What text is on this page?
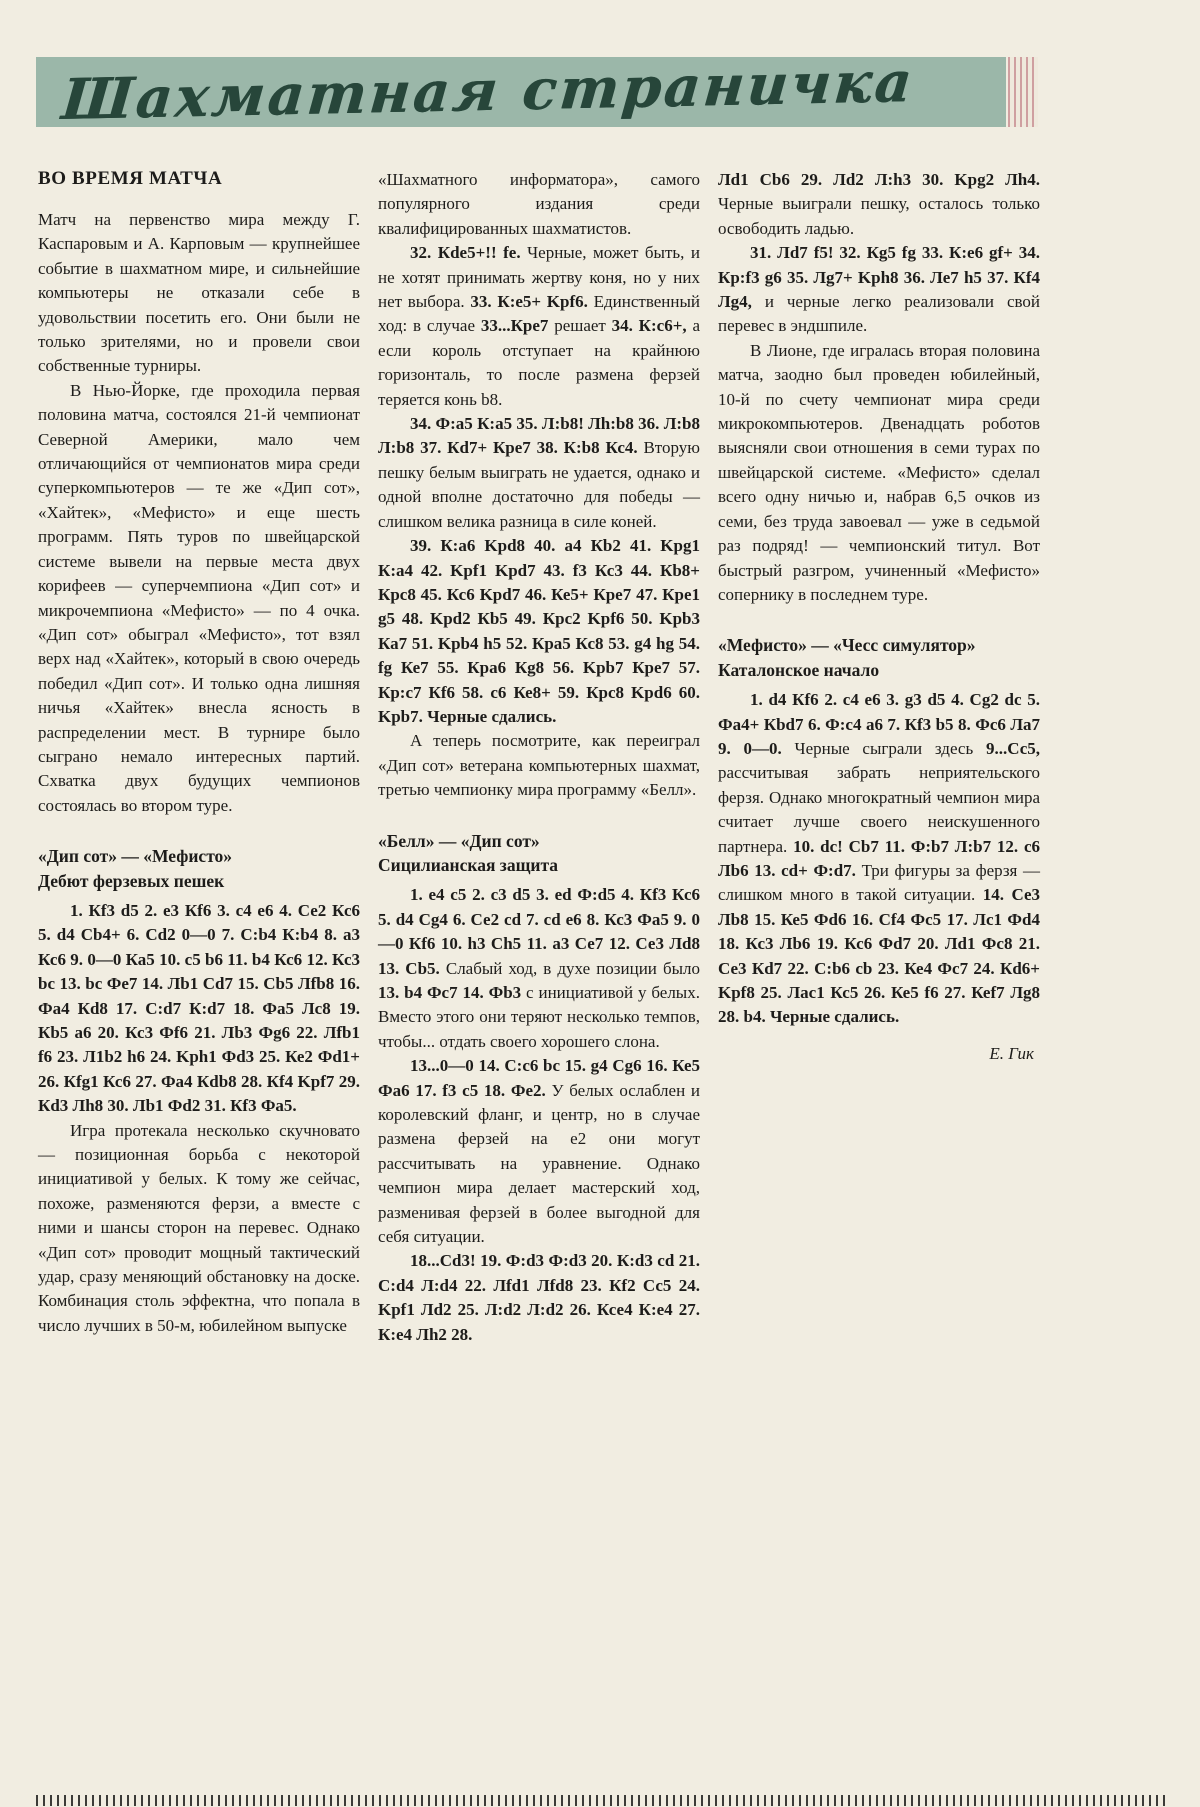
Шахматная страничка
ВО ВРЕМЯ МАТЧА

Матч на первенство мира между Г. Каспаровым и А. Карповым — крупнейшее событие в шахматном мире, и сильнейшие компьютеры не отказали себе в удовольствии посетить его. Они были не только зрителями, но и провели свои собственные турниры.

В Нью-Йорке, где проходила первая половина матча, состоялся 21-й чемпионат Северной Америки, мало чем отличающийся от чемпионатов мира среди суперкомпьютеров — те же «Дип сот», «Хайтек», «Мефисто» и еще шесть программ. Пять туров по швейцарской системе вывели на первые места двух корифеев — суперчемпиона «Дип сот» и микрочемпиона «Мефисто» — по 4 очка. «Дип сот» обыграл «Мефисто», тот взял верх над «Хайтек», который в свою очередь победил «Дип сот». И только одна лишняя ничья «Хайтек» внесла ясность в распределении мест. В турнире было сыграно немало интересных партий. Схватка двух будущих чемпионов состоялась во втором туре.

«Дип сот» — «Мефисто»
Дебют ферзевых пешек

1. Кf3 d5 2. е3 Кf6 3. с4 е6 4. Се2 Кс6 5. d4 Сb4+ 6. Сd2 0—0 7. С:b4 К:b4 8. а3 Кс6 9. 0—0 Ка5 10. с5 b6 11. b4 Кс6 12. Кс3 bc 13. bc Фе7 14. Лb1 Сd7 15. Сb5 Лfb8 16. Фа4 Кd8 17. С:d7 К:d7 18. Фа5 Лс8 19. Кb5 а6 20. Кс3 Фf6 21. Лb3 Фg6 22. Лfb1 f6 23. Л1b2 h6 24. Kph1 Фd3 25. Ке2 Фd1+ 26. Кfg1 Кс6 27. Фа4 Кdb8 28. Кf4 Kpf7 29. Кd3 Лh8 30. Лb1 Фd2 31. Кf3 Фа5.

Игра протекала несколько скучновато — позиционная борьба с некоторой инициативой у белых. К тому же сейчас, похоже, разменяются ферзи, а вместе с ними и шансы сторон на перевес. Однако «Дип сот» проводит мощный тактический удар, сразу меняющий обстановку на доске. Комбинация столь эффектна, что попала в число лучших в 50-м, юбилейном выпуске

«Шахматного информатора», самого популярного издания среди квалифицированных шахматистов.

32. Кde5+!! fe. Черные, может быть, и не хотят принимать жертву коня, но у них нет выбора. 33. К:е5+ Kpf6. Единственный ход: в случае 33...Кре7 решает 34. К:с6+, а если король отступает на крайнюю горизонталь, то после размена ферзей теряется конь b8.

34. Ф:а5 К:а5 35. Л:b8! Лh:b8 36. Л:b8 Л:b8 37. Кd7+ Кре7 38. К:b8 Кс4. Вторую пешку белым выиграть не удается, однако и одной вполне достаточно для победы — слишком велика разница в силе коней.

39. К:а6 Kpd8 40. а4 Кb2 41. Kpg1 К:а4 42. Kpf1 Kpd7 43. f3 Кс3 44. Кb8+ Крс8 45. Кс6 Kpd7 46. Ке5+ Кре7 47. Кре1 g5 48. Kpd2 Кb5 49. Крс2 Kpf6 50. Kpb3 Ка7 51. Kpb4 h5 52. Кра5 Кс8 53. g4 hg 54. fg Ке7 55. Кра6 Кg8 56. Kpb7 Кре7 57. Кр:с7 Кf6 58. с6 Ке8+ 59. Крс8 Kpd6 60. Kpb7. Черные сдались.

А теперь посмотрите, как переиграл «Дип сот» ветерана компьютерных шахмат, третью чемпионку мира программу «Белл».

«Белл» — «Дип сот»
Сицилианская защита

1. е4 с5 2. с3 d5 3. ed Ф:d5 4. Кf3 Кс6 5. d4 Сg4 6. Се2 cd 7. cd е6 8. Кс3 Фа5 9. 0—0 Кf6 10. h3 Сh5 11. а3 Се7 12. Се3 Лd8 13. Сb5. Слабый ход, в духе позиции было 13. b4 Фс7 14. Фb3 с инициативой у белых. Вместо этого они теряют несколько темпов, чтобы... отдать своего хорошего слона.

13...0—0 14. С:с6 bc 15. g4 Сg6 16. Ке5 Фа6 17. f3 с5 18. Фе2. У белых ослаблен и королевский фланг, и центр, но в случае размена ферзей на е2 они могут рассчитывать на уравнение. Однако чемпион мира делает мастерский ход, разменивая ферзей в более выгодной для себя ситуации.

18...Сd3! 19. Ф:d3 Ф:d3 20. К:d3 cd 21. С:d4 Л:d4 22. Лfd1 Лfd8 23. Кf2 Сс5 24. Kpf1 Лd2 25. Л:d2 Л:d2 26. Ксе4 К:е4 27. К:е4 Лh2 28.

Лd1 Сb6 29. Лd2 Л:h3 30. Kpg2 Лh4. Черные выиграли пешку, осталось только освободить ладью.

31. Лd7 f5! 32. Кg5 fg 33. К:е6 gf+ 34. Кр:f3 g6 35. Лg7+ Kph8 36. Ле7 h5 37. Кf4 Лg4, и черные легко реализовали свой перевес в эндшпиле.

В Лионе, где игралась вторая половина матча, заодно был проведен юбилейный, 10-й по счету чемпионат мира среди микрокомпьютеров. Двенадцать роботов выясняли свои отношения в семи турах по швейцарской системе. «Мефисто» сделал всего одну ничью и, набрав 6,5 очков из семи, без труда завоевал — уже в седьмой раз подряд! — чемпионский титул. Вот быстрый разгром, учиненный «Мефисто» сопернику в последнем туре.

«Мефисто» — «Чесс симулятор»
Каталонское начало

1. d4 Кf6 2. с4 е6 3. g3 d5 4. Сg2 dc 5. Фа4+ Кbd7 6. Ф:с4 а6 7. Кf3 b5 8. Фс6 Ла7 9. 0—0. Черные сыграли здесь 9...Сс5, рассчитывая забрать неприятельского ферзя. Однако многократный чемпион мира считает лучше своего неискушенного партнера. 10. dc! Сb7 11. Ф:b7 Л:b7 12. с6 Лb6 13. cd+ Ф:d7. Три фигуры за ферзя — слишком много в такой ситуации. 14. Се3 Лb8 15. Ке5 Фd6 16. Сf4 Фс5 17. Лс1 Фd4 18. Кс3 Лb6 19. Кс6 Фd7 20. Лd1 Фс8 21. Се3 Кd7 22. С:b6 cb 23. Ке4 Фс7 24. Кd6+ Kpf8 25. Лас1 Кс5 26. Ке5 f6 27. Кеf7 Лg8 28. b4. Черные сдались.

Е. Гик
